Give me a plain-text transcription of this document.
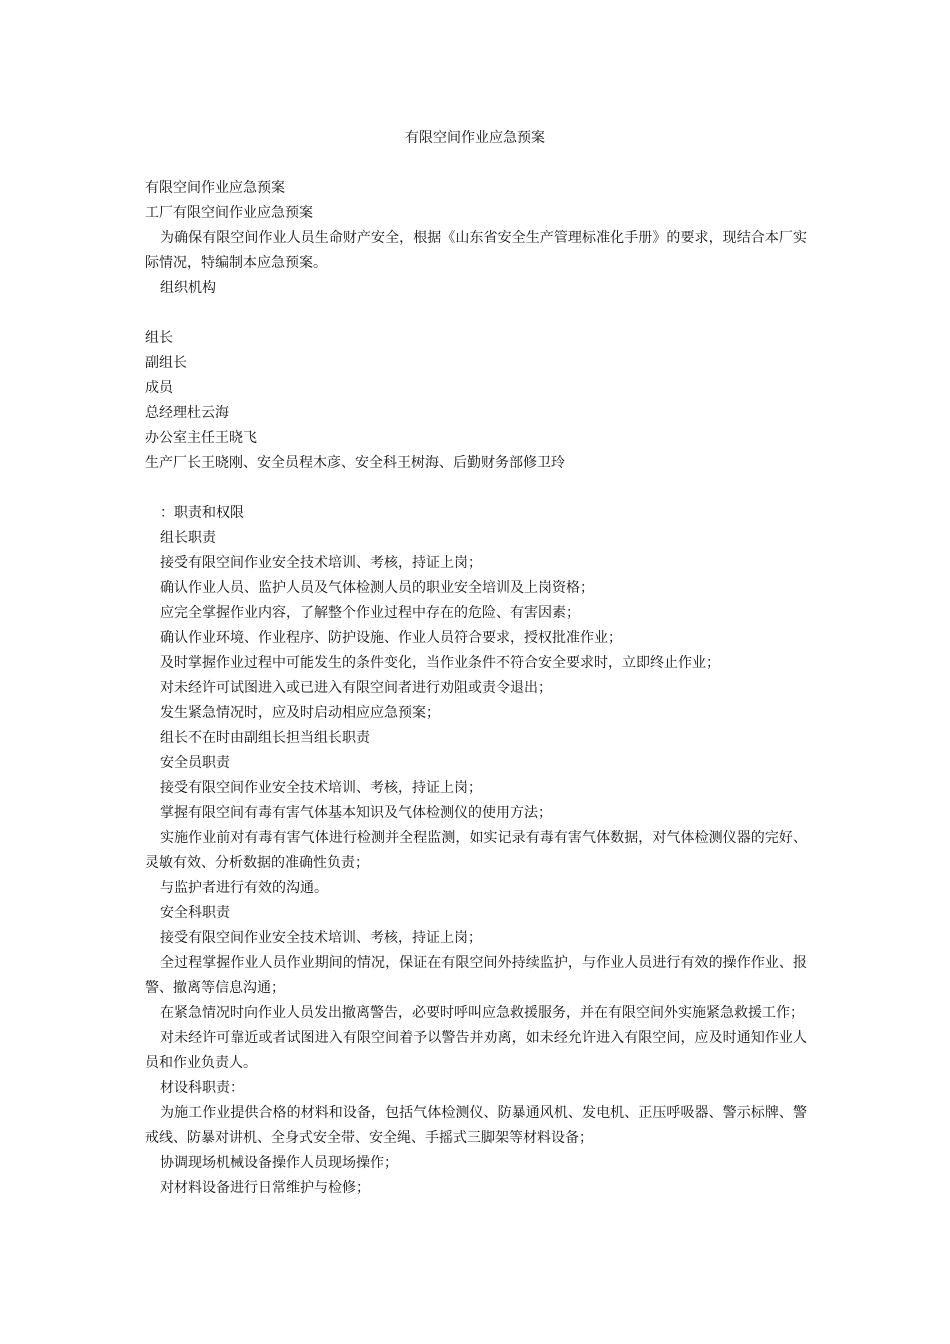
有限空间作业应急预案

有限空间作业应急预案

工厂有限空间作业应急预案

为确保有限空间作业人员生命财产安全，根据《山东省安全生产管理标准化手册》的要求，现结合本厂实际情况，特编制本应急预案。

组织机构

组长

副组长

成员

总经理杜云海

办公室主任王晓飞

生产厂长王晓刚、安全员程木彦、安全科王树海、后勤财务部修卫玲

：职责和权限

组长职责

接受有限空间作业安全技术培训、考核，持证上岗；

确认作业人员、监护人员及气体检测人员的职业安全培训及上岗资格；

应完全掌握作业内容，了解整个作业过程中存在的危险、有害因素；

确认作业环境、作业程序、防护设施、作业人员符合要求，授权批准作业；

及时掌握作业过程中可能发生的条件变化，当作业条件不符合安全要求时，立即终止作业；

对未经许可试图进入或已进入有限空间者进行劝阻或责令退出；

发生紧急情况时，应及时启动相应应急预案；

组长不在时由副组长担当组长职责

安全员职责

接受有限空间作业安全技术培训、考核，持证上岗；

掌握有限空间有毒有害气体基本知识及气体检测仪的使用方法；

实施作业前对有毒有害气体进行检测并全程监测，如实记录有毒有害气体数据，对气体检测仪器的完好、灵敏有效、分析数据的准确性负责；

与监护者进行有效的沟通。

安全科职责

接受有限空间作业安全技术培训、考核，持证上岗；

全过程掌握作业人员作业期间的情况，保证在有限空间外持续监护，与作业人员进行有效的操作作业、报警、撤离等信息沟通；

在紧急情况时向作业人员发出撤离警告，必要时呼叫应急救援服务，并在有限空间外实施紧急救援工作；

对未经许可靠近或者试图进入有限空间着予以警告并劝离，如未经允许进入有限空间，应及时通知作业人员和作业负责人。

材设科职责：

为施工作业提供合格的材料和设备，包括气体检测仪、防暴通风机、发电机、正压呼吸器、警示标牌、警戒线、防暴对讲机、全身式安全带、安全绳、手摇式三脚架等材料设备；

协调现场机械设备操作人员现场操作；

对材料设备进行日常维护与检修；
